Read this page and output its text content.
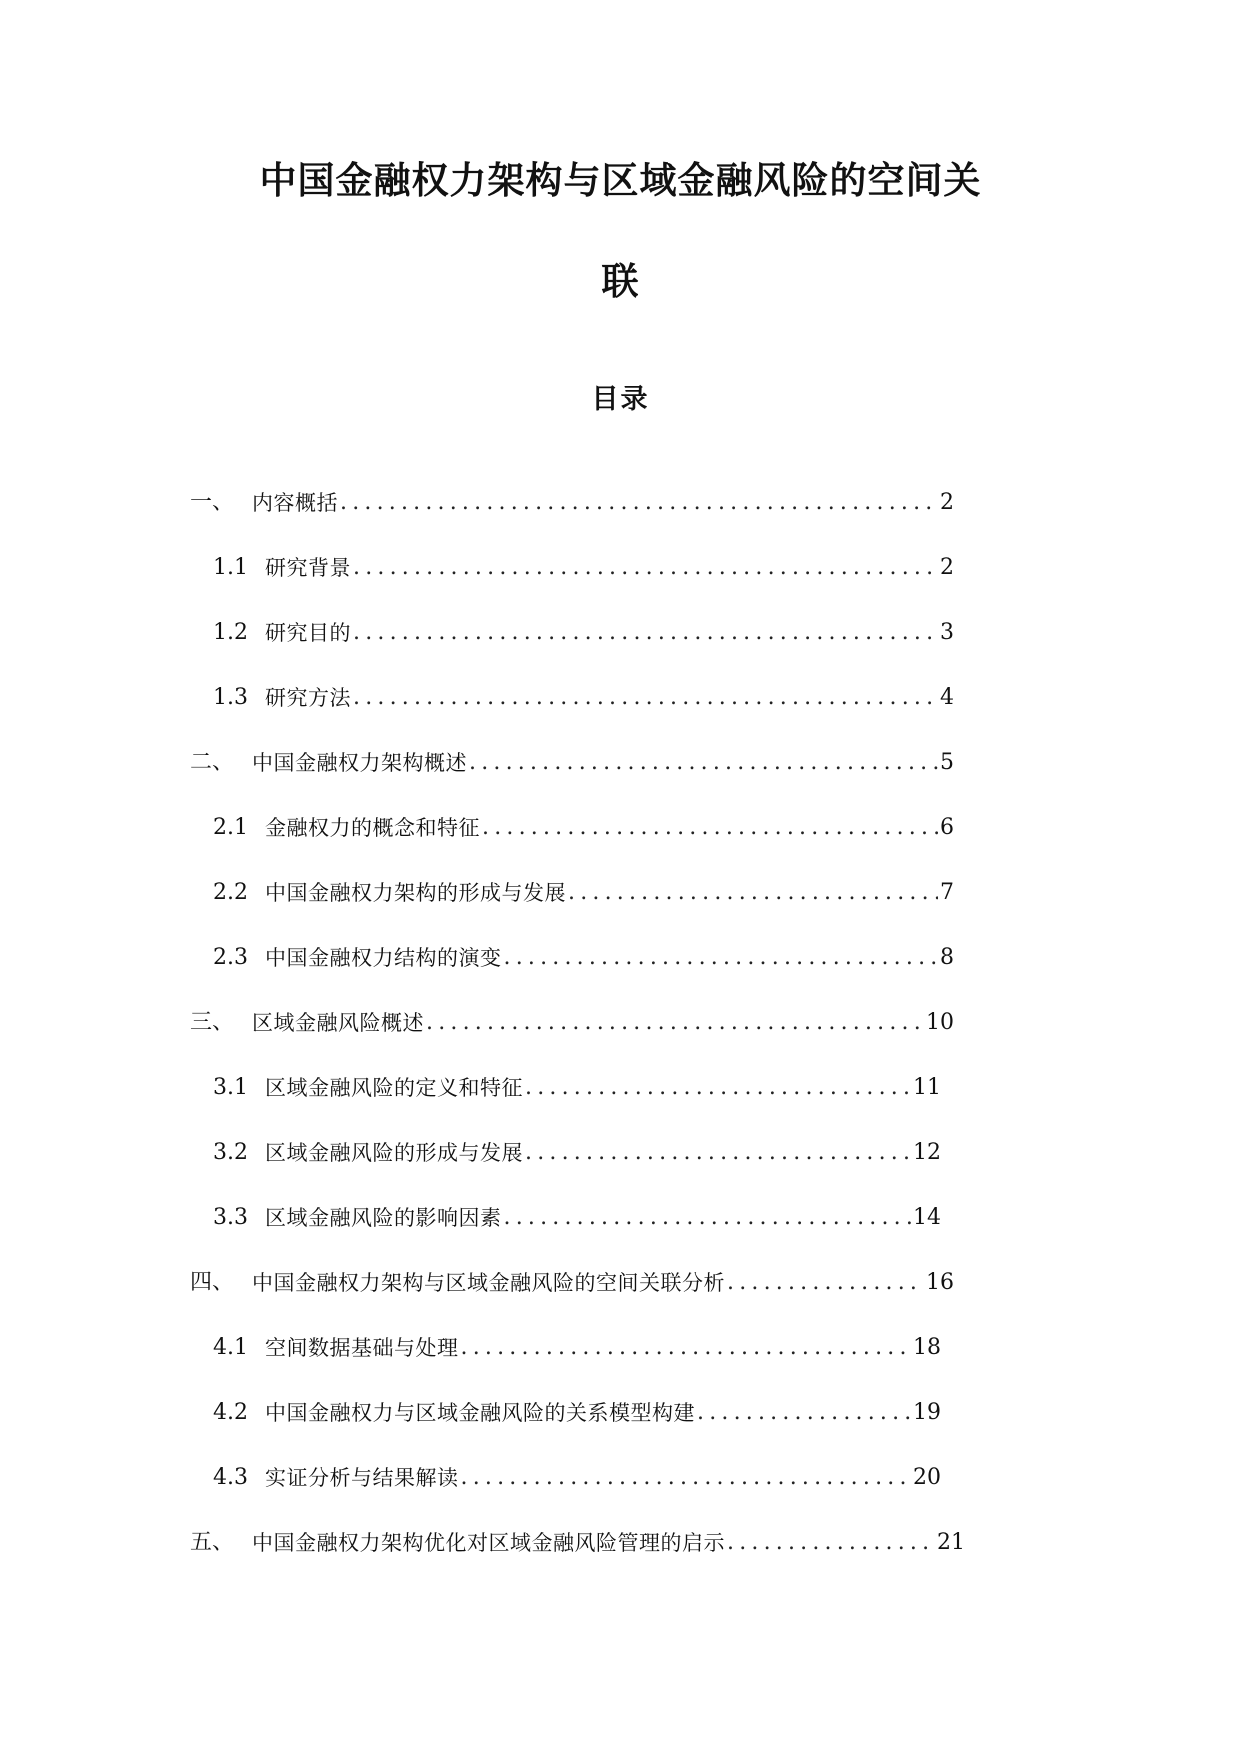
中国金融权力架构与区域金融风险的空间关
联
目录
一、 内容概括 .....	2
1.1 研究背景 .....	2
1.2 研究目的 .....	3
1.3 研究方法 .....	4
二、 中国金融权力架构概述 .....	5
2.1 金融权力的概念和特征 .....	6
2.2 中国金融权力架构的形成与发展 .....	7
2.3 中国金融权力结构的演变 .....	8
三、 区域金融风险概述 .....	10
3.1 区域金融风险的定义和特征 .....	11
3.2 区域金融风险的形成与发展 .....	12
3.3 区域金融风险的影响因素 .....	14
四、 中国金融权力架构与区域金融风险的空间关联分析 .....	16
4.1 空间数据基础与处理 .....	18
4.2 中国金融权力与区域金融风险的关系模型构建 .....	19
4.3 实证分析与结果解读 .....	20
五、 中国金融权力架构优化对区域金融风险管理的启示 .....	21
